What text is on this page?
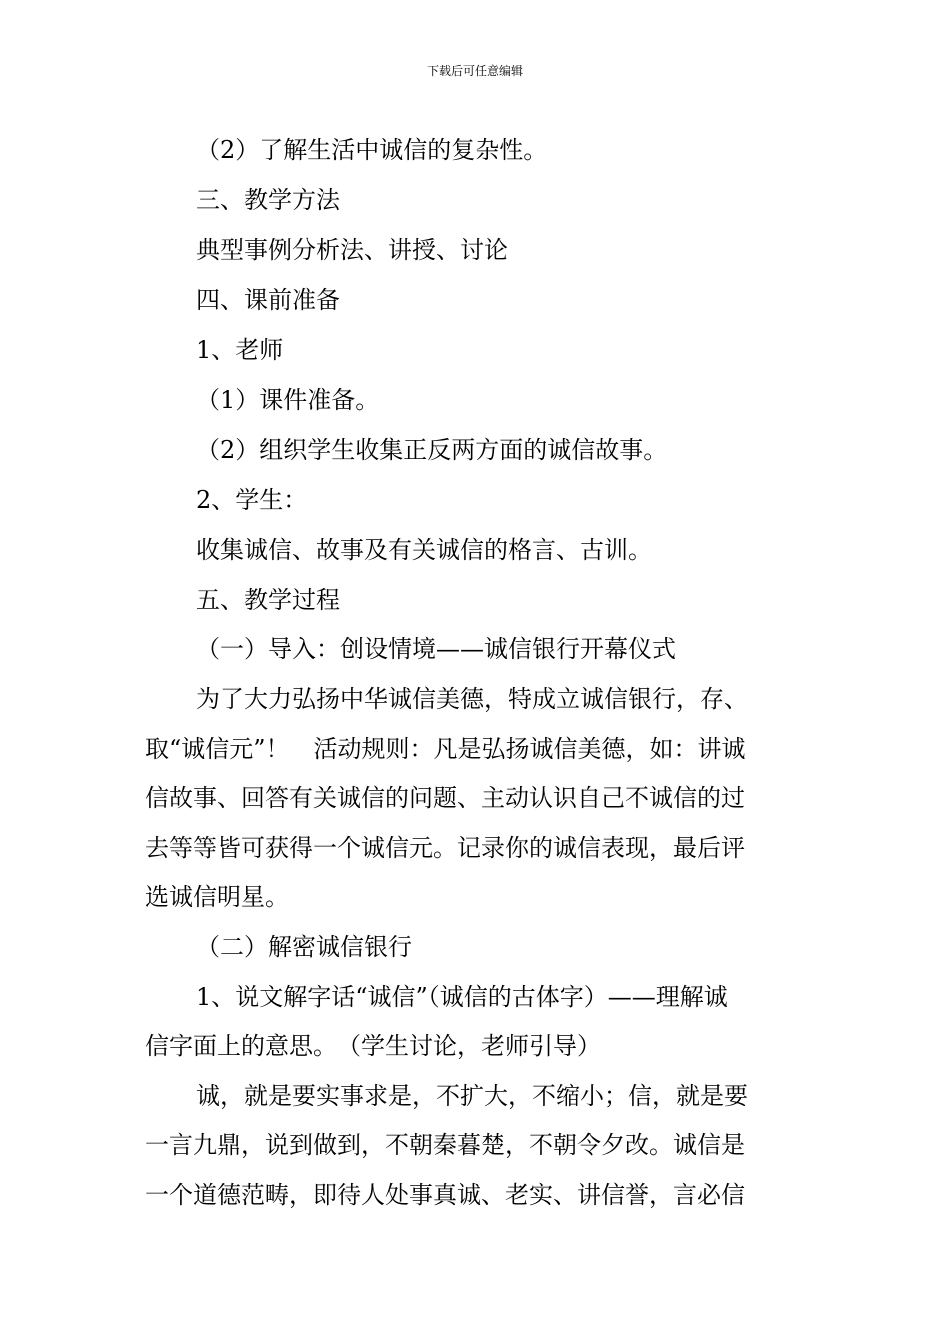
下载后可任意编辑
（2）了解生活中诚信的复杂性。
三、教学方法
典型事例分析法、讲授、讨论
四、课前准备
1、老师
（1）课件准备。
（2）组织学生收集正反两方面的诚信故事。
2、学生：
收集诚信、故事及有关诚信的格言、古训。
五、教学过程
（一）导入：创设情境——诚信银行开幕仪式
为了大力弘扬中华诚信美德，特成立诚信银行，存、
取“诚信元”！　活动规则：凡是弘扬诚信美德，如：讲诚
信故事、回答有关诚信的问题、主动认识自己不诚信的过
去等等皆可获得一个诚信元。记录你的诚信表现，最后评
选诚信明星。
（二）解密诚信银行
1、说文解字话“诚信”（诚信的古体字）——理解诚
信字面上的意思。　（学生讨论，老师引导）
诚，就是要实事求是，不扩大，不缩小；信，就是要
一言九鼎，说到做到，不朝秦暮楚，不朝令夕改。诚信是
一个道德范畴，即待人处事真诚、老实、讲信誉，言必信
